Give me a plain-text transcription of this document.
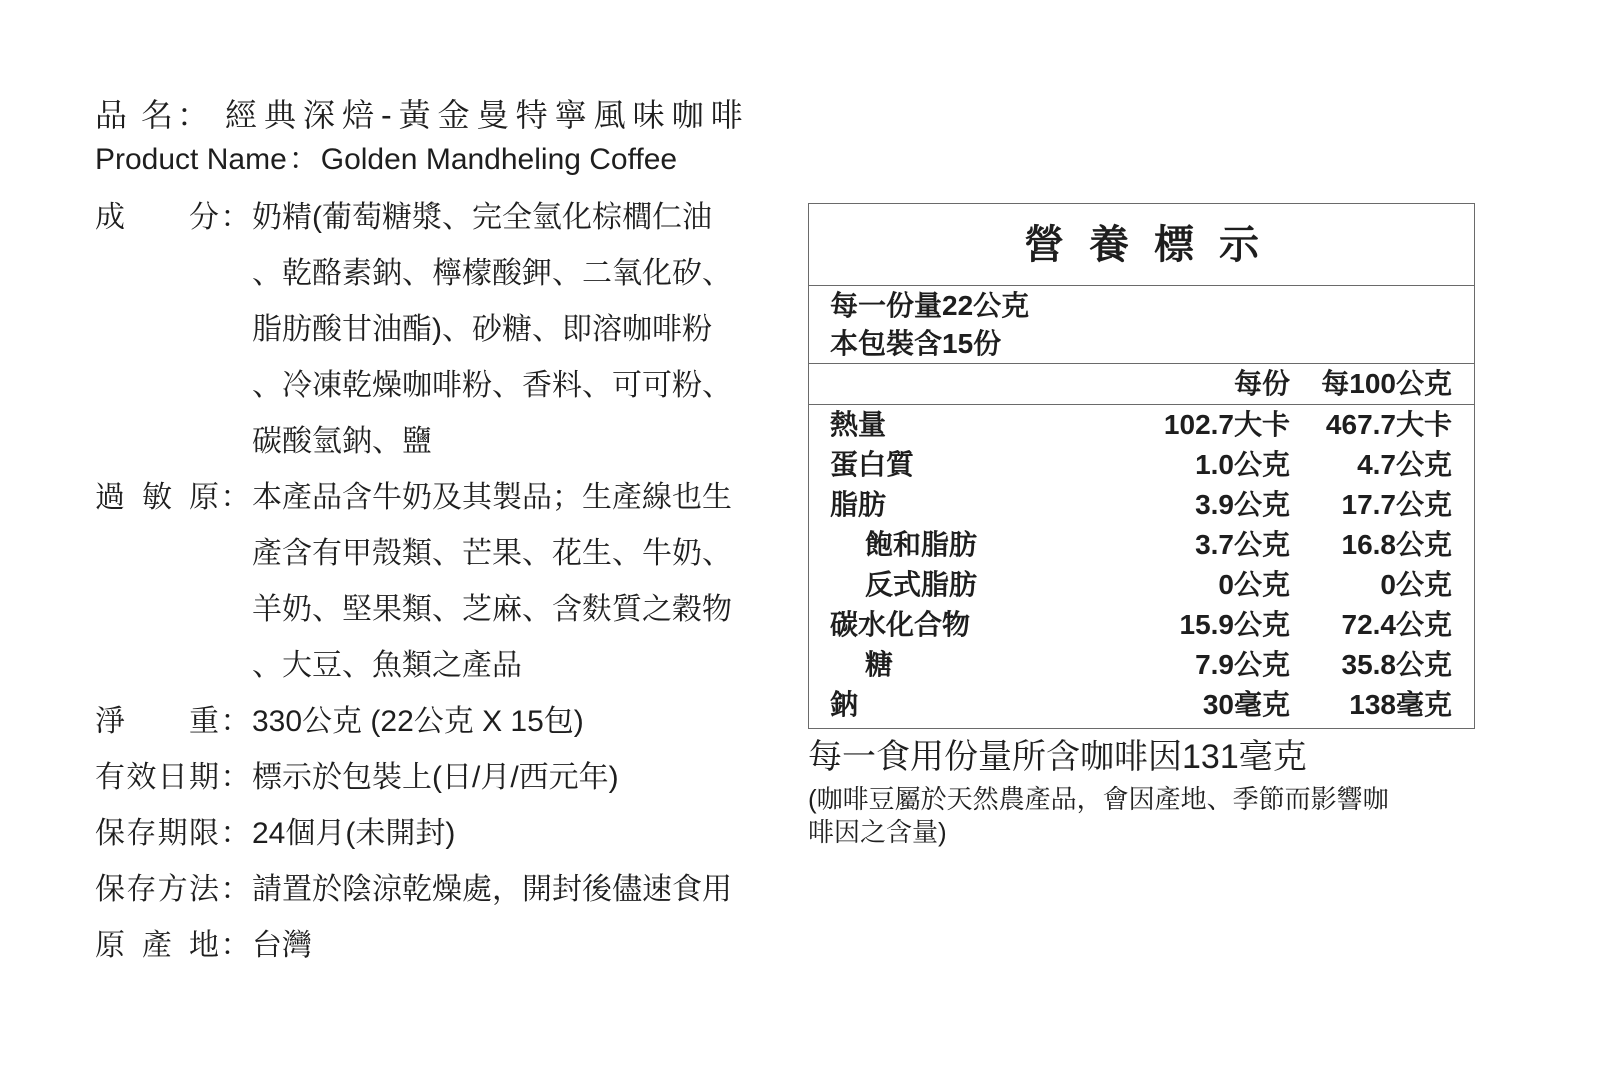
品名 ： 經典深焙-黃金曼特寧風味咖啡
Product Name ： Golden Mandheling Coffee
成分 ： 奶精(葡萄糖漿、完全氫化棕櫚仁油
、乾酪素鈉、檸檬酸鉀、二氧化矽、
脂肪酸甘油酯)、砂糖、即溶咖啡粉
、冷凍乾燥咖啡粉、香料、可可粉、
碳酸氫鈉、鹽
過敏原 ： 本產品含牛奶及其製品；生產線也生
產含有甲殼類、芒果、花生、牛奶、
羊奶、堅果類、芝麻、含麩質之穀物
、大豆、魚類之產品
淨重 ： 330公克 (22公克 X 15包)
有效日期 ： 標示於包裝上(日/月/西元年)
保存期限 ： 24個月(未開封)
保存方法 ： 請置於陰涼乾燥處，開封後儘速食用
原產地 ： 台灣
營養標示
每一份量22公克
本包裝含15份
每份	每100公克
熱量	102.7大卡	467.7大卡
蛋白質	1.0公克	4.7公克
脂肪	3.9公克	17.7公克
飽和脂肪	3.7公克	16.8公克
反式脂肪	0公克	0公克
碳水化合物	15.9公克	72.4公克
糖	7.9公克	35.8公克
鈉	30毫克	138毫克
每一食用份量所含咖啡因131毫克
(咖啡豆屬於天然農產品，會因產地、季節而影響咖
啡因之含量)
